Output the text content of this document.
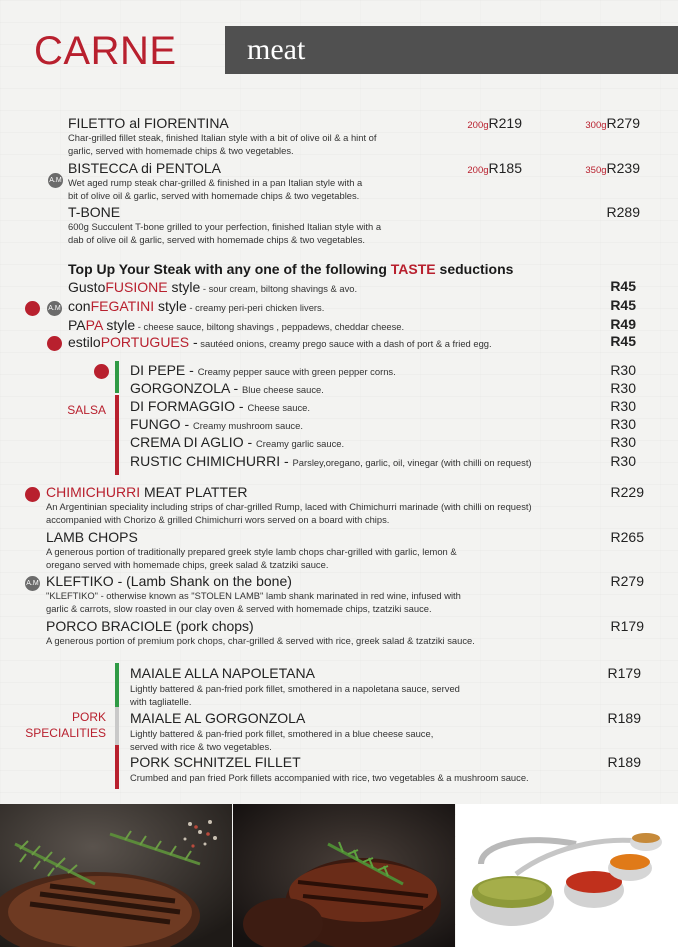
CARNE meat
FILETTO al FIORENTINA
Char-grilled fillet steak, finished Italian style with a bit of olive oil & a hint of
garlic, served with homemade chips & two vegetables.
200gR219	300gR279
A.M
BISTECCA di PENTOLA
Wet aged rump steak char-grilled & finished in a pan Italian style with a
bit of olive oil & garlic, served with homemade chips & two vegetables.
200gR185	350gR239
T-BONE
600g Succulent T-bone grilled to your perfection, finished Italian style with a
dab of olive oil & garlic, served with homemade chips & two vegetables.
R289
Top Up Your Steak with any one of the following TASTE seductions
GustoFUSIONE style - sour cream, biltong shavings & avo.	R45
A.M conFEGATINI style - creamy peri-peri chicken livers.	R45
PAPA style - cheese sauce, biltong shavings , peppadews, cheddar cheese.	R49
estiloPORTUGUES - sautéed onions, creamy prego sauce with a dash of port & a fried egg.	R45
SALSA
DI PEPE - Creamy pepper sauce with green pepper corns.	R30
GORGONZOLA - Blue cheese sauce.	R30
DI FORMAGGIO - Cheese sauce.	R30
FUNGO - Creamy mushroom sauce.	R30
CREMA DI AGLIO - Creamy garlic sauce.	R30
RUSTIC CHIMICHURRI - Parsley,oregano, garlic, oil, vinegar (with chilli on request)	R30
CHIMICHURRI MEAT PLATTER
An Argentinian speciality including strips of char-grilled Rump, laced with Chimichurri marinade (with chilli on request)
accompanied with Chorizo & grilled Chimichurri wors served on a board with chips.
R229
LAMB CHOPS
A generous portion of traditionally prepared greek style lamb chops char-grilled with garlic, lemon &
oregano served with homemade chips, greek salad & tzatziki sauce.
R265
A.M KLEFTIKO - (Lamb Shank on the bone)
"KLEFTIKO" - otherwise known as "STOLEN LAMB" lamb shank marinated in red wine, infused with
garlic & carrots, slow roasted in our clay oven & served with homemade chips, tzatziki sauce.
R279
PORCO BRACIOLE (pork chops)
A generous portion of premium pork chops, char-grilled & served with rice, greek salad & tzatziki sauce.
R179
PORK
SPECIALITIES
MAIALE ALLA NAPOLETANA
Lightly battered & pan-fried pork fillet, smothered in a napoletana sauce, served
with tagliatelle.
R179
MAIALE AL GORGONZOLA
Lightly battered & pan-fried pork fillet, smothered in a blue cheese sauce,
served with rice & two vegetables.
R189
PORK SCHNITZEL FILLET
Crumbed and pan fried Pork fillets accompanied with rice, two vegetables & a mushroom sauce.
R189
